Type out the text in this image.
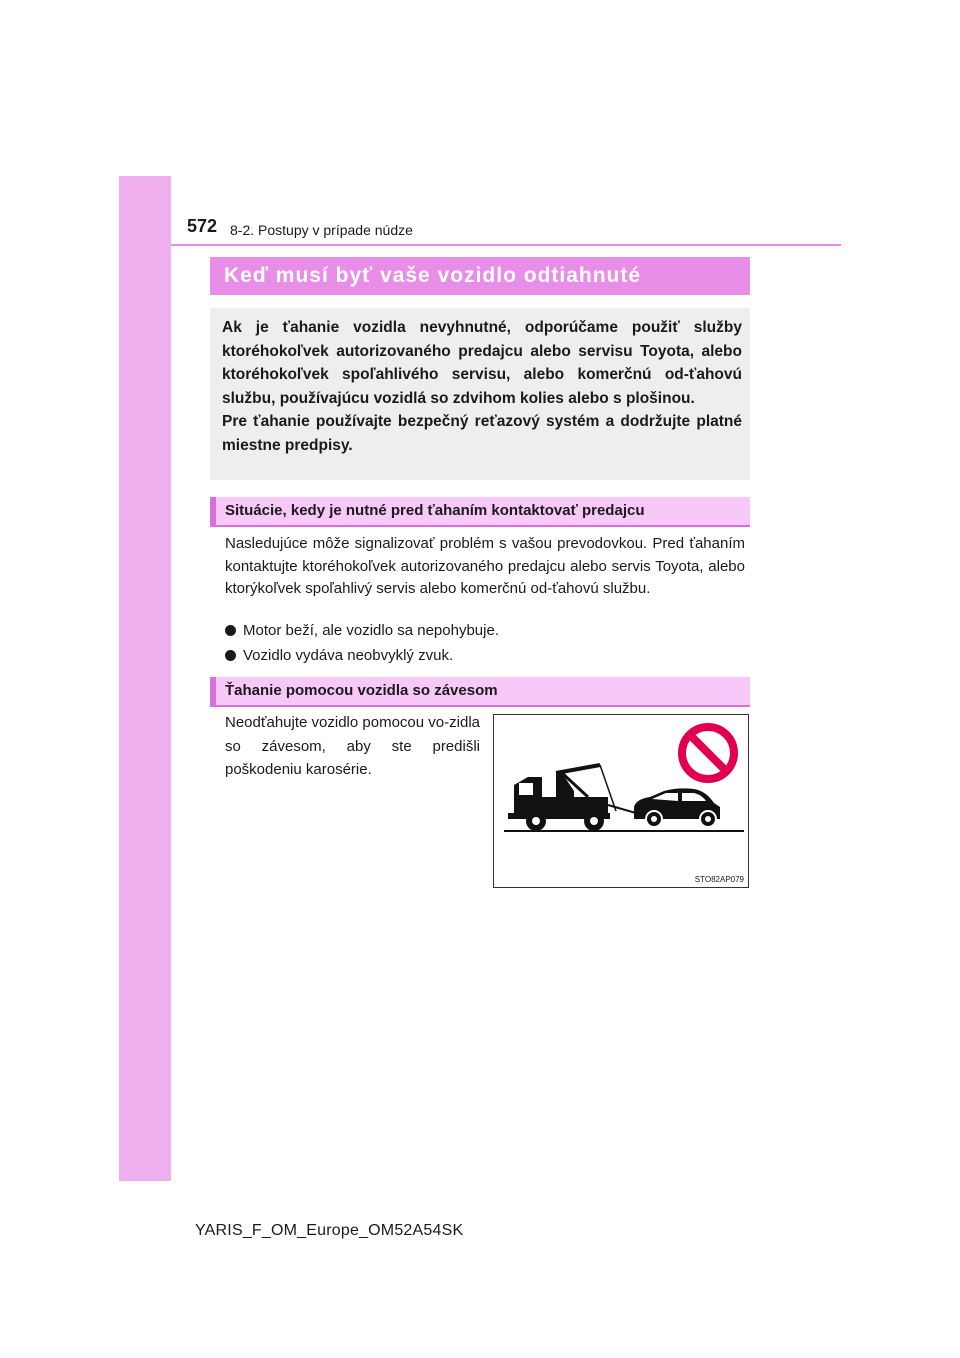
572 8-2. Postupy v prípade núdze
Keď musí byť vaše vozidlo odtiahnuté

Ak je ťahanie vozidla nevyhnutné, odporúčame použiť služby ktoréhokoľvek autorizovaného predajcu alebo servisu Toyota, alebo ktoréhokoľvek spoľahlivého servisu, alebo komerčnú od-ťahovú službu, používajúcu vozidlá so zdvihom kolies alebo s plošinou.

Pre ťahanie používajte bezpečný reťazový systém a dodržujte platné miestne predpisy.

Situácie, kedy je nutné pred ťahaním kontaktovať predajcu

Nasledujúce môže signalizovať problém s vašou prevodovkou. Pred ťahaním kontaktujte ktoréhokoľvek autorizovaného predajcu alebo servis Toyota, alebo ktorýkoľvek spoľahlivý servis alebo komerčnú od-ťahovú službu.

Motor beží, ale vozidlo sa nepohybuje.
Vozidlo vydáva neobvyklý zvuk.
Ťahanie pomocou vozidla so závesom

Neodťahujte vozidlo pomocou vo-zidla so závesom, aby ste predišli poškodeniu karosérie.

STO82AP079
YARIS_F_OM_Europe_OM52A54SK
